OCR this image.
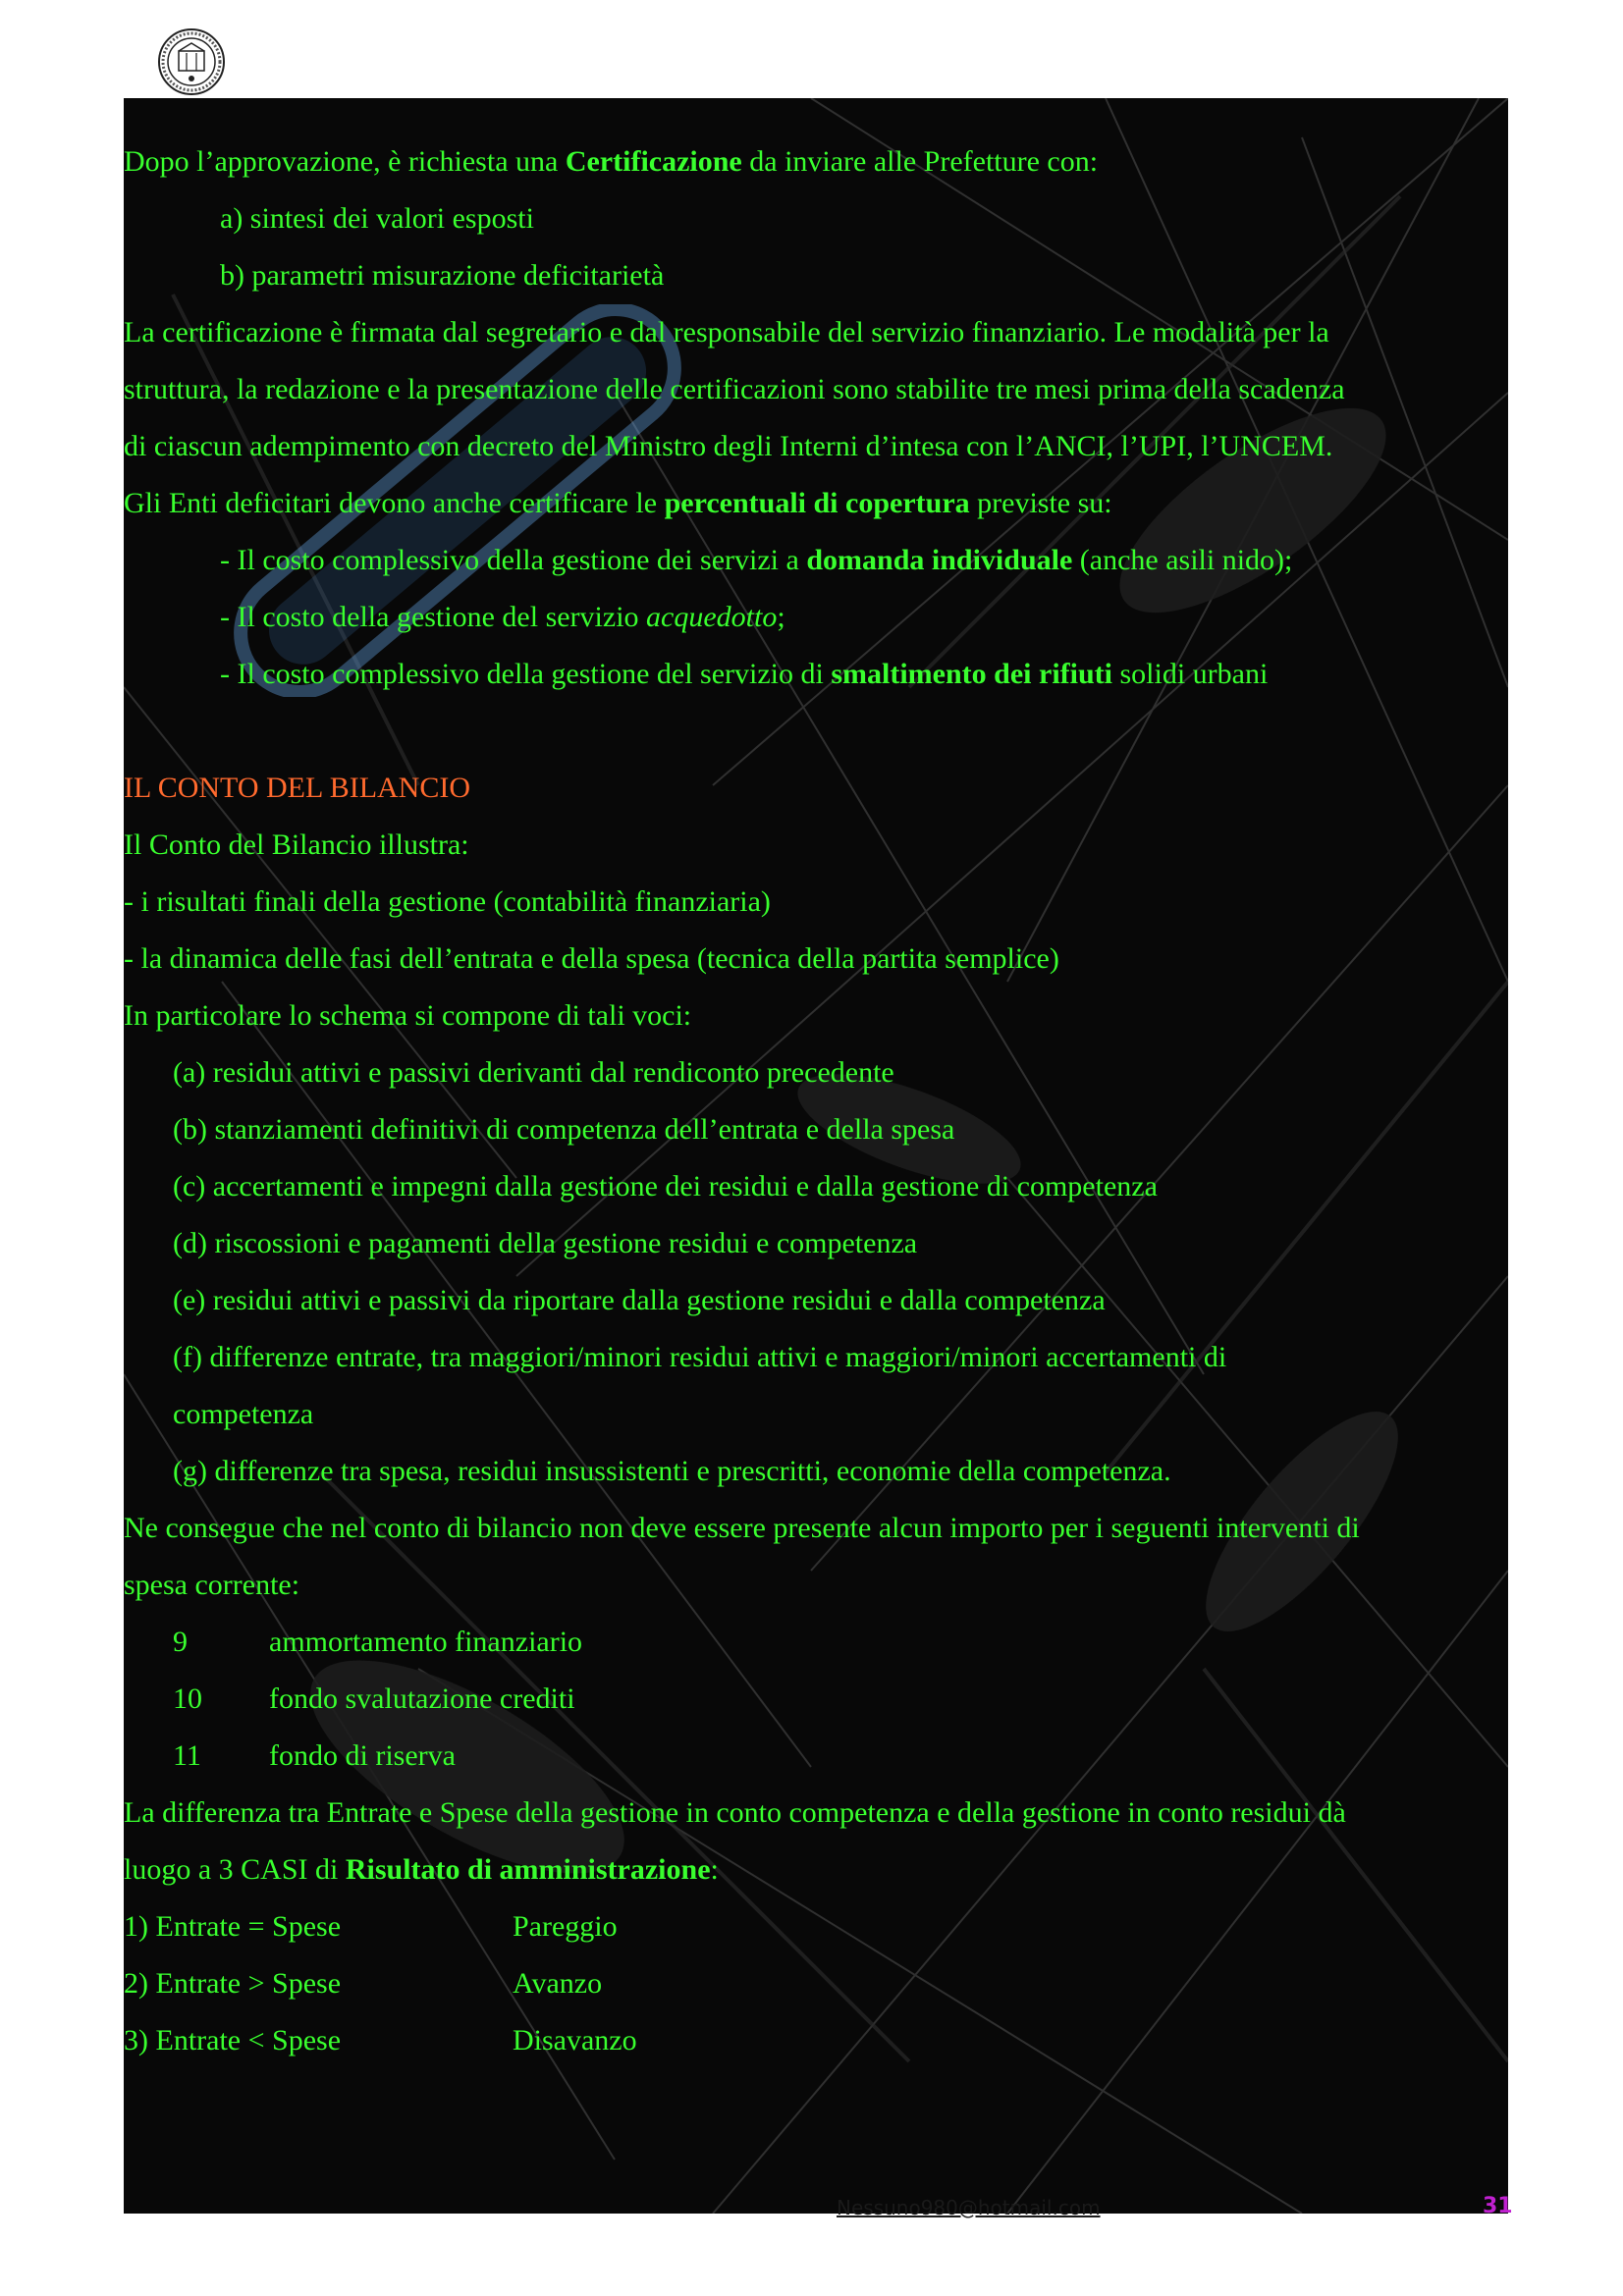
Dopo l’approvazione, è richiesta una Certificazione da inviare alle Prefetture con:
a) sintesi dei valori esposti
b) parametri misurazione deficitarietà
La certificazione è firmata dal segretario e dal responsabile del servizio finanziario. Le modalità per la
struttura, la redazione e la presentazione delle certificazioni sono stabilite tre mesi prima della scadenza
di ciascun adempimento con decreto del Ministro degli Interni d’intesa con l’ANCI, l’UPI, l’UNCEM.
Gli Enti deficitari devono anche certificare le percentuali di copertura previste su:
- Il costo complessivo della gestione dei servizi a domanda individuale (anche asili nido);
- Il costo della gestione del servizio acquedotto;
- Il costo complessivo della gestione del servizio di smaltimento dei rifiuti solidi urbani
IL CONTO DEL BILANCIO
Il Conto del Bilancio illustra:
- i risultati finali della gestione (contabilità finanziaria)
- la dinamica delle fasi dell’entrata e della spesa (tecnica della partita semplice)
In particolare lo schema si compone di tali voci:
(a) residui attivi e passivi derivanti dal rendiconto precedente
(b) stanziamenti definitivi di competenza dell’entrata e della spesa
(c) accertamenti e impegni dalla gestione dei residui e dalla gestione di competenza
(d) riscossioni e pagamenti della gestione residui e competenza
(e) residui attivi e passivi da riportare dalla gestione residui e dalla competenza
(f) differenze entrate, tra maggiori/minori residui attivi e maggiori/minori accertamenti di
competenza
(g) differenze tra spesa, residui insussistenti e prescritti, economie della competenza.
Ne consegue che nel conto di bilancio non deve essere presente alcun importo per i seguenti interventi di
spesa corrente:
9	ammortamento finanziario
10 fondo svalutazione crediti
11 fondo di riserva
La differenza tra Entrate e Spese della gestione in conto competenza e della gestione in conto residui dà
luogo a 3 CASI di Risultato di amministrazione:
1) Entrate = Spese	Pareggio
2) Entrate > Spese	Avanzo
3) Entrate < Spese	Disavanzo
Nessuno980@hotmail.com	31
